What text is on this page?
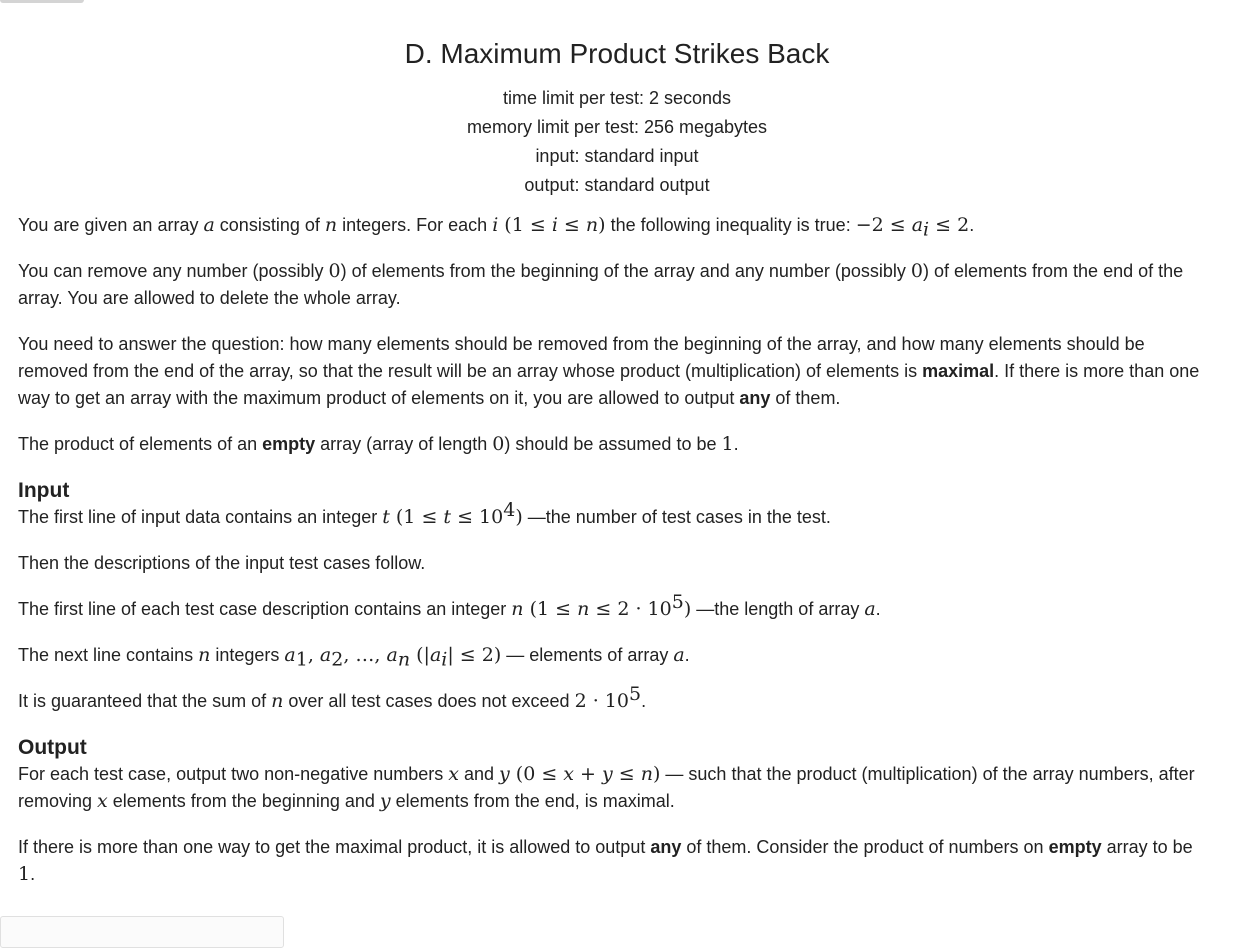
D. Maximum Product Strikes Back
time limit per test: 2 seconds
memory limit per test: 256 megabytes
input: standard input
output: standard output

You are given an array a consisting of n integers. For each i (1 ≤ i ≤ n) the following inequality is true: $-2 \le a_i \le 2$.

You can remove any number (possibly 0) of elements from the beginning of the array and any number (possibly 0) of elements from the end of the array. You are allowed to delete the whole array.

You need to answer the question: how many elements should be removed from the beginning of the array, and how many elements should be removed from the end of the array, so that the result will be an array whose product (multiplication) of elements is maximal. If there is more than one way to get an array with the maximum product of elements on it, you are allowed to output any of them.

The product of elements of an empty array (array of length 0) should be assumed to be 1.

Input

The first line of input data contains an integer t $(1 \le t \le 10^4)$ —the number of test cases in the test.

Then the descriptions of the input test cases follow.

The first line of each test case description contains an integer n $(1 \le n \le 2 \cdot 10^5)$ —the length of array a.

The next line contains n integers $a_1$, $a_2$, …, $a_n$ $(|a_i| \le 2)$ — elements of array a.

It is guaranteed that the sum of n over all test cases does not exceed $2 \cdot 10^5$.

Output

For each test case, output two non-negative numbers x and y (0 ≤ x + y ≤ n) — such that the product (multiplication) of the array numbers, after removing x elements from the beginning and y elements from the end, is maximal.

If there is more than one way to get the maximal product, it is allowed to output any of them. Consider the product of numbers on empty array to be 1.
